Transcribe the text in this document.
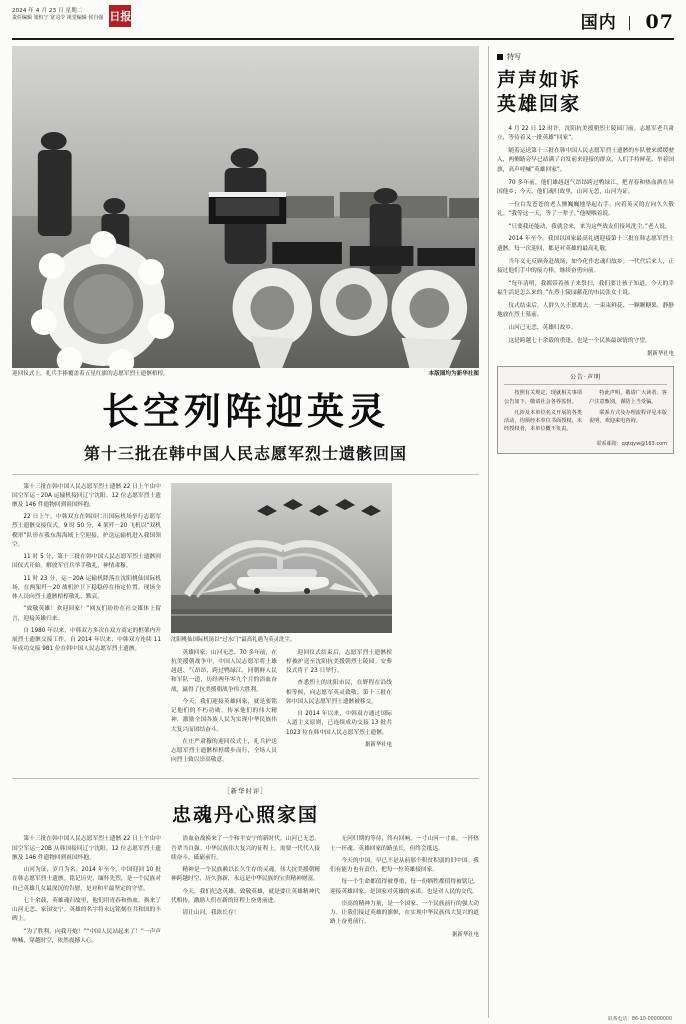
2024 年 4 月 23 日 星期二
责任编辑 梁恒宁 宽司令 视觉编辑 侯自强 日报	国内 07
迎回仪式上，礼兵手捧覆盖着五星红旗的志愿军烈士遗骸棺椁。	本版图均为新华社图
长空列阵迎英灵
第十三批在韩中国人民志愿军烈士遗骸回国

第十三批在韩中国人民志愿军烈士遗骸 22 日上午由中国空军运－20A 运输机接回辽宁沈阳。12 位志愿军烈士遗骸及 146 件遗物回到祖国怀抱。

22 日上午，中韩双方在韩国仁川国际机场举行志愿军烈士遗骸交接仪式。9 时 50 分，4 架歼－20 飞机以“双机楔形”队形在我东海海域上空迎接，护送运输机进入我国领空。

11 时 5 分，第十三批在韩中国人民志愿军烈士遗骸回国仪式开始。解放军官兵举手敬礼，神情肃穆。

11 时 23 分，运－20A 运输机降落在沈阳桃仙国际机场，在两架歼－20 战机护卫下稳稳停在指定位置。现场全体人员向烈士遗骸棺椁敬礼、默哀。

“致敬英雄！欢迎回家！”网友们纷纷在社交媒体上留言，迎接英雄归来。

自 1980 年以来，中韩双方多次在双方商定的框架内开展烈士遗骸交接工作。自 2014 年以来，中韩双方连续 11 年成功交接 981 位在韩中国人民志愿军烈士遗骸。

沈阳桃仙国际机场以“过水门”最高礼遇为英灵洗尘。

英雄回家，山河无恙。70 多年前，在抗美援朝战争中，中国人民志愿军将士雄赳赳、气昂昂，跨过鸭绿江，同朝鲜人民和军队一道，历经两年零九个月的浴血奋战，赢得了抗美援朝战争伟大胜利。

今天，我们迎接英雄回家，就是要铭记他们的不朽功勋，传承他们的伟大精神，激励全国各族人民为实现中华民族伟大复兴而团结奋斗。

在庄严肃穆的迎回仪式上，礼兵护送志愿军烈士遗骸棺椁缓步而行，全场人员向烈士致以崇高敬意。

迎回仪式结束后，志愿军烈士遗骸棺椁被护送至沈阳抗美援朝烈士陵园。安葬仪式将于 23 日举行。

查悉烈士的沈阳市民，在野程在沿线相等候，向志愿军英灵致敬。第十三批在韩中国人民志愿军烈士遗骸被移交。

自 2014 年以来，中韩双方通过国际人道主义原则，已连续成功交接 13 批共 1023 位在韩中国人民志愿军烈士遗骸。

据新华社电
［新华时评］
忠魂丹心照家国

第十三批在韩中国人民志愿军烈士遗骸 22 日上午由中国空军运－20B 从韩国接回辽宁沈阳。12 位志愿军烈士遗骸及 146 件遗物回到祖国怀抱。

山河为证，岁月为名。2014 年至今，中国迎回 10 批在韩志愿军烈士遗骸。铭记历史、缅怀先烈，是一个民族对自己英雄儿女最深沉的告慰，是对和平最坚定的守望。

七十余载，英雄魂归故里，他们用青春和热血，换来了山河无恙、家国安宁。英雄的名字将永远铭刻在共和国的丰碑上。

“为了胜利，向我开炮！”“中国人民站起来了！”一声声呐喊，穿越时空，依然震撼人心。

浴血奋战换来了一个和平安宁的新时代。山河已无恙，吾辈当自强。中华民族伟大复兴的征程上，需要一代代人接续奋斗、砥砺前行。

精神是一个民族赖以长久生存的灵魂。伟大抗美援朝精神跨越时空、历久弥新，永远是中华民族的宝贵精神财富。

今天，我们纪念英雄、致敬英雄，就是要让英雄精神代代相传，激励人们在新的征程上奋勇前进。

请让山河，我欲长存！

无问归期的等待，终有回响。一寸山河一寸血，一抔热土一抔魂。英雄回家的路虽长，但终会抵达。

今天的中国，早已不是从前那个积贫积弱的旧中国。我们有能力也有责任，把每一位英雄接回家。

每一个生命都值得被尊重，每一份牺牲都值得被铭记。迎接英雄回家，是国家对英雄的承诺，也是对人民的交代。

崇高的精神力量，是一个国家、一个民族前行的强大动力。让我们接过英雄的旗帜，在实现中华民族伟大复兴的道路上奋勇前行。

据新华社电
特写
声声如诉
英雄回家

4 月 22 日 12 时许，沈阳抗美援朝烈士陵园门前。志愿军老兵肃立，等待着又一批英雄“回家”。

随着运送第十三批在韩中国人民志愿军烈士遗骸的车队驶来缓缓驶入，两侧路旁早已站满了自发前来迎接的群众，人们手持鲜花、举着国旗，高声呼喊“英雄回家”。

70 多年前，他们雄赳赳气昂昂跨过鸭绿江，把青春和热血洒在异国他乡；今天，他们魂归故里，山河无恙，山河为证。

一位白发苍苍的老人颤巍巍地举起右手，向着英灵的方向久久敬礼。“我等这一天，等了一辈子。”他哽咽着说。

“只要我还能动，我就会来，来为这些战友们接风洗尘。”老人说。

2014 年至今，我国以国家最高礼遇迎接第十三批在韩志愿军烈士遗骸。每一次迎回，都是对英雄的最高礼敬。

当年义无反顾奔赴战场，如今化作忠魂归故乡；一代代后来人，正接过他们手中的接力棒，继续奋勇向前。

“每年清明，我都带着孩子来祭扫，我们要让孩子知道，今天的幸福生活是怎么来的。”在烈士陵园献花的市民张女士说。

仪式结束后，人群久久不愿离去。一束束鲜花、一颗颗糖果，静静地放在烈士墓前。

山河已无恙，英雄归故乡。

这是跨越七十余载的重逢，也是一个民族最深情的守望。

据新华社电
公告·声明

按照有关规定，现就相关事项公告如下，敬请社会各界监督。

凡涉及本单位名义开展的各类活动，均须经本单位书面授权，未经授权者，本单位概不负责。

特此声明，敬请广大读者、客户注意甄别，谨防上当受骗。

联系方式及办理流程详见本版说明，欢迎来电咨询。

联系邮箱：qqtqyw@163.com
联系电话：86-10-00000000
